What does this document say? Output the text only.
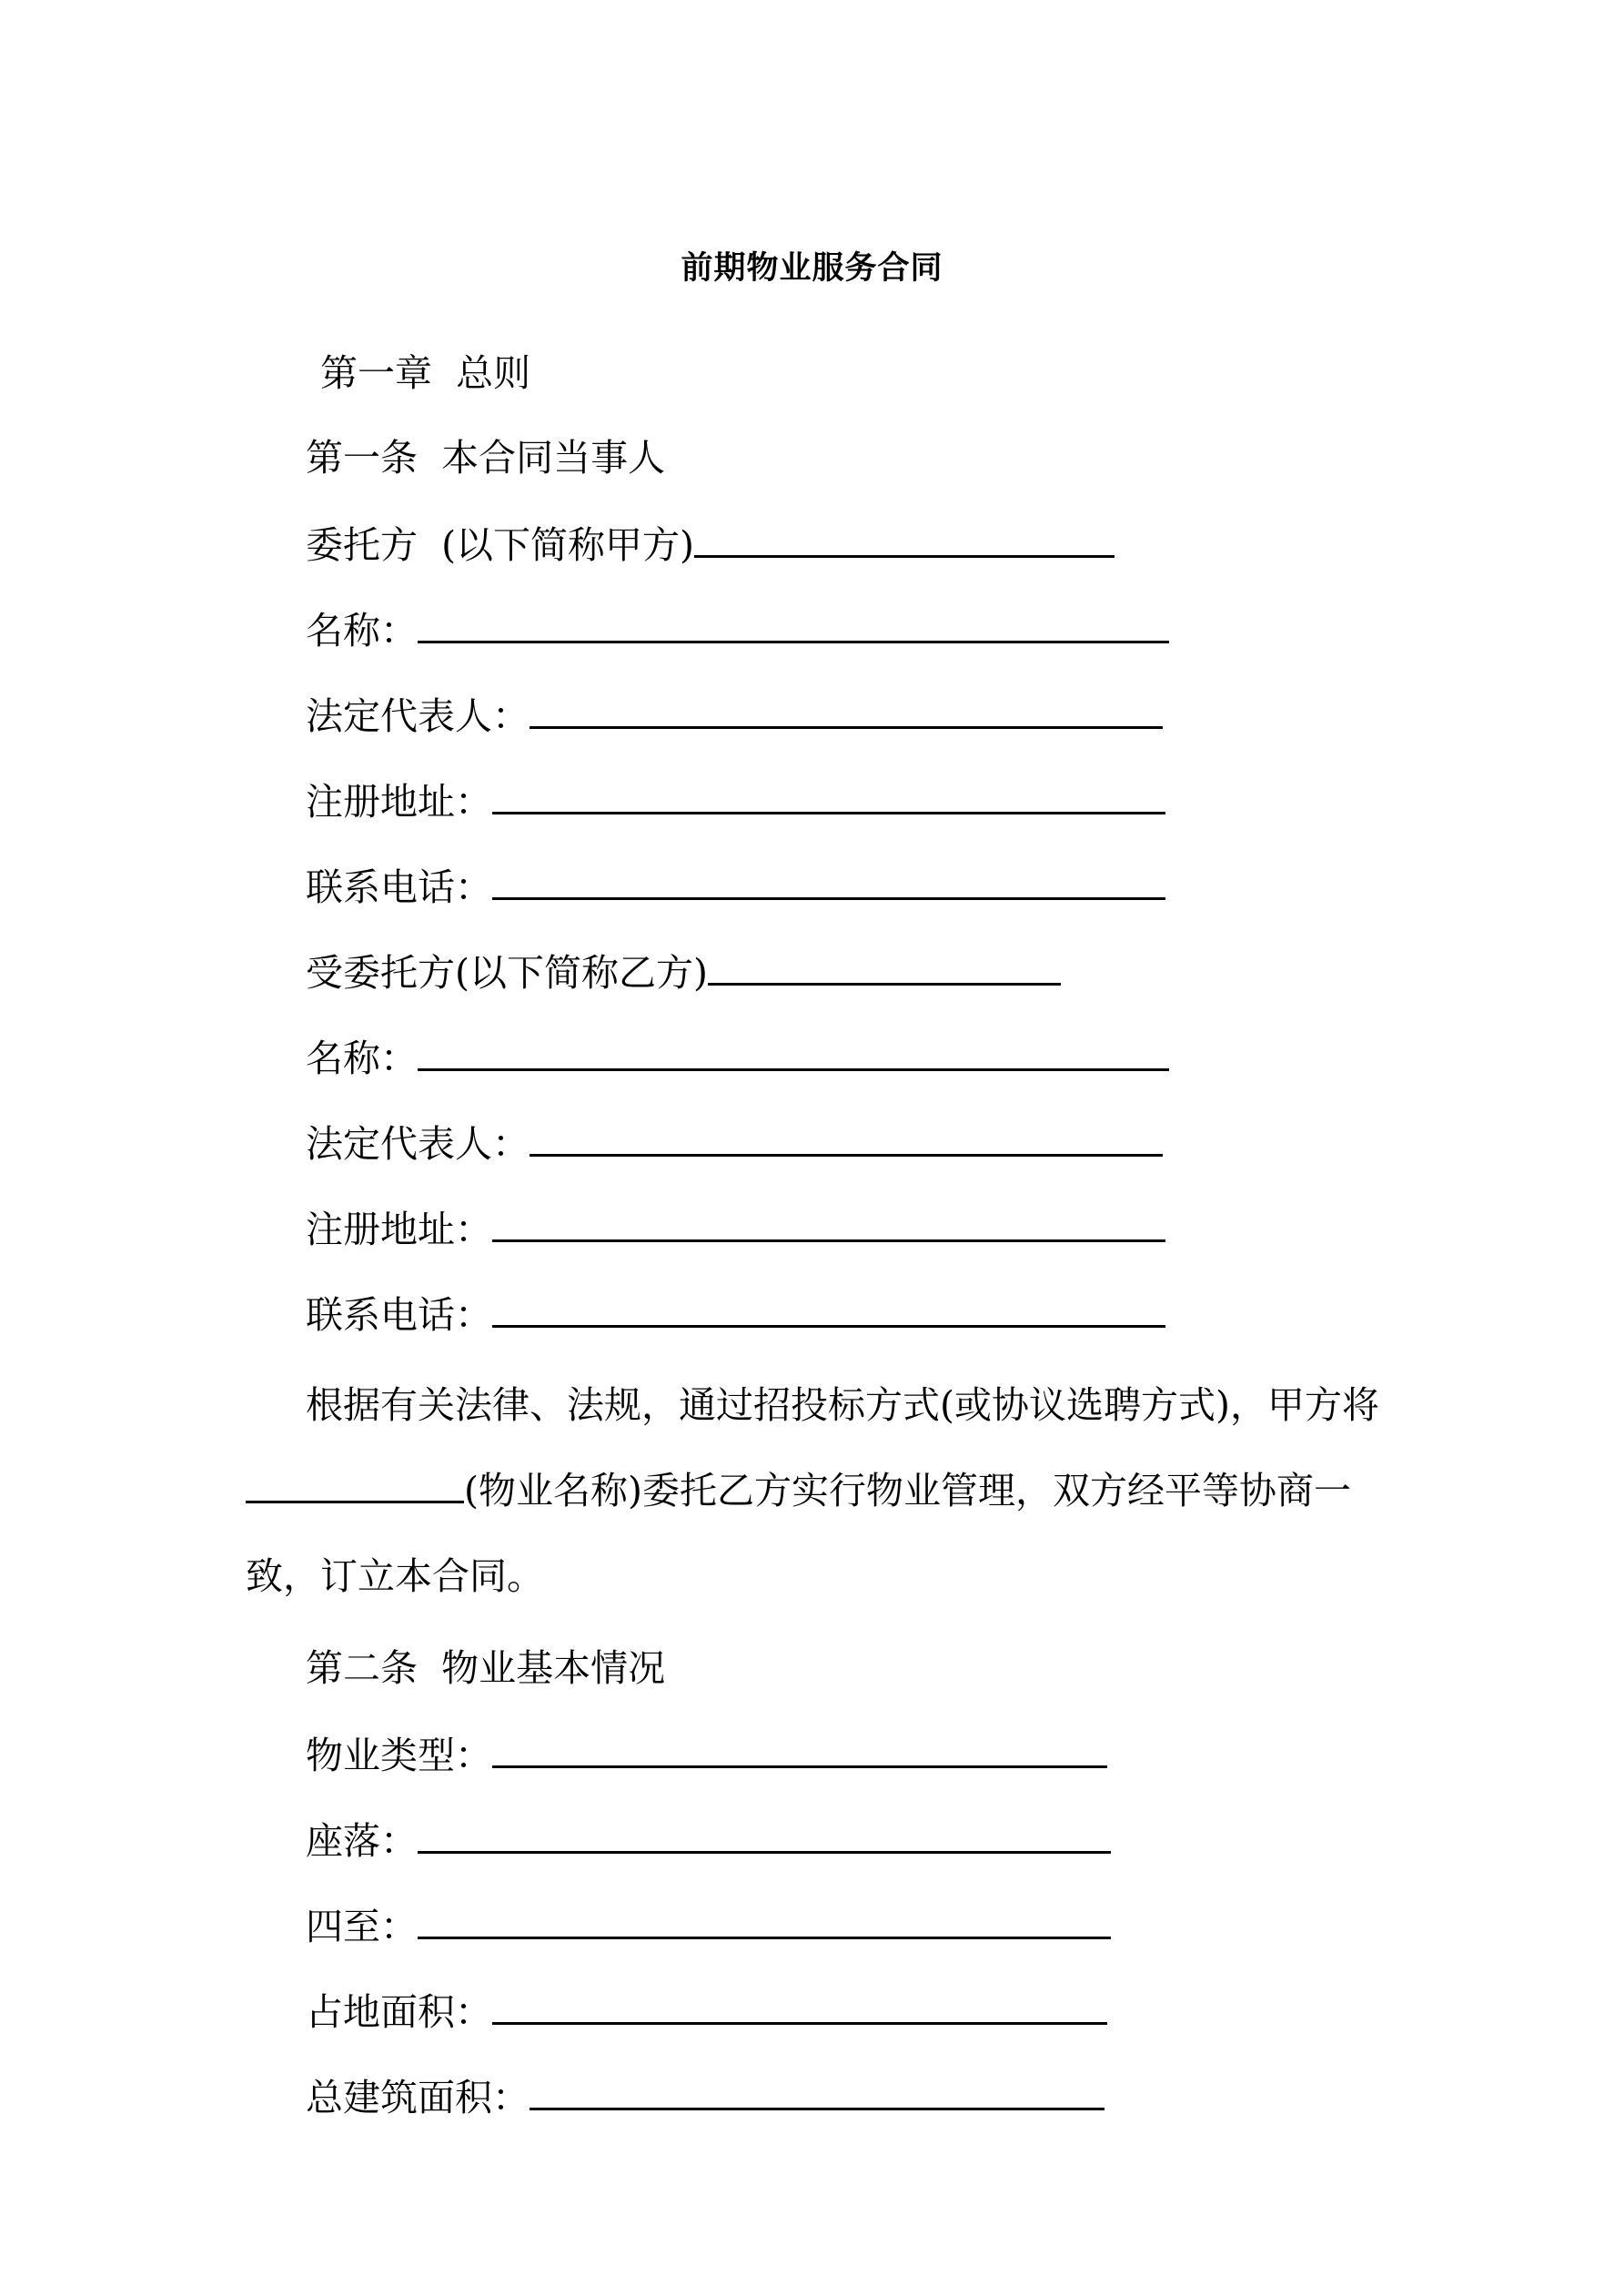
前期物业服务合同
第一章  总则
第一条  本合同当事人
委托方  (以下简称甲方)
名称：
法定代表人：
注册地址：
联系电话：
受委托方(以下简称乙方)
名称：
法定代表人：
注册地址：
联系电话：
根据有关法律、法规，通过招投标方式(或协议选聘方式)，甲方将(物业名称)委托乙方实行物业管理，双方经平等协商一致，订立本合同。
第二条  物业基本情况
物业类型：
座落：
四至：
占地面积：
总建筑面积：
